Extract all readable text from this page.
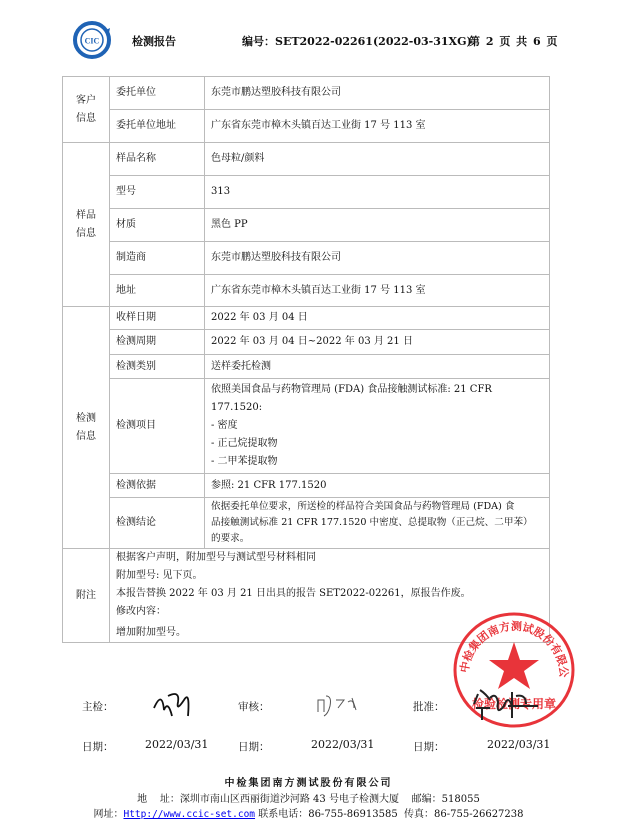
CIC	检测报告	编号：SET2022-02261(2022-03-31XG)
第 2 页 共 6 页
客户
信息	委托单位	东莞市鹏达塑胶科技有限公司
	委托单位地址	广东省东莞市樟木头镇百达工业街 17 号 113 室

样品
信息	样品名称	色母粒/颜料
	型号	313
	材质	黑色 PP
	制造商	东莞市鹏达塑胶科技有限公司
	地址	广东省东莞市樟木头镇百达工业街 17 号 113 室

检测
信息	收样日期	2022 年 03 月 04 日
	检测周期	2022 年 03 月 04 日~2022 年 03 月 21 日
	检测类别	送样委托检测
	检测项目	依照美国食品与药物管理局 (FDA) 食品接触测试标准: 21 CFR
177.1520:
- 密度
- 正己烷提取物
- 二甲苯提取物

	检测依据	参照: 21 CFR 177.1520
	检测结论	依据委托单位要求，所送检的样品符合美国食品与药物管理局 (FDA) 食
品接触测试标准 21 CFR 177.1520 中密度、总提取物（正己烷、二甲苯）
的要求。

附注	根据客户声明，附加型号与测试型号材料相同
附加型号: 见下页。
本报告替换 2022 年 03 月 21 日出具的报告 SET2022-02261，原报告作废。
修改内容：
增加附加型号。	
中检集团南方测试股份有限公
检验检测专用章
主检：	审核：	批准：
日期：	2022/03/31	日期：	2022/03/31	日期：	2022/03/31
中检集团南方测试股份有限公司
地    址：深圳市南山区西丽街道沙河路 43 号电子检测大厦    邮编：518055
网址：Http://www.ccic-set.com 联系电话：86-755-86913585  传真：86-755-26627238
